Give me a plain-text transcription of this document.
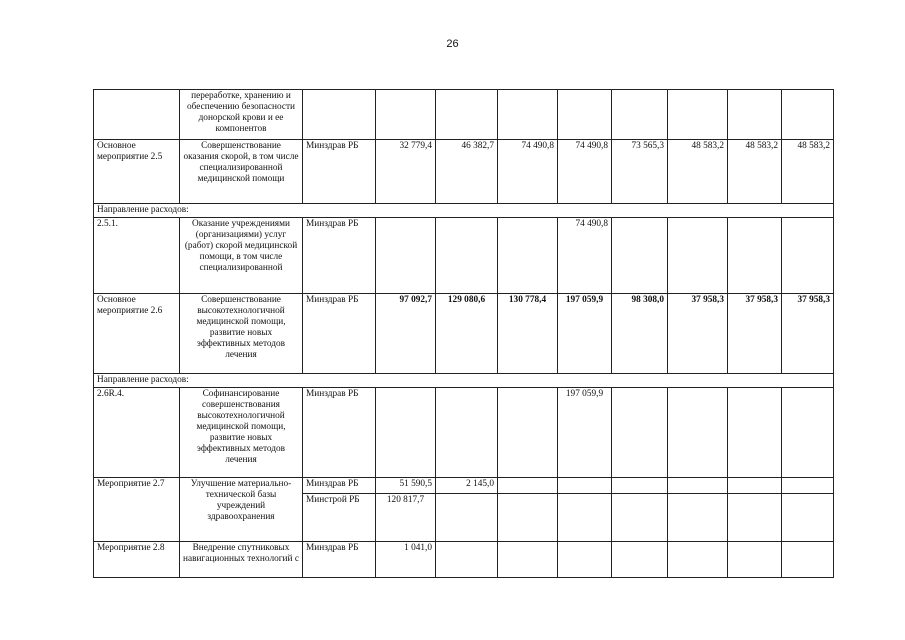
26
	переработке, хранению и обеспечению безопасности донорской крови и ее компонентов									
Основное мероприятие 2.5	Совершенствование оказания скорой, в том числе специализированной медицинской помощи	Минздрав РБ	32 779,4	46 382,7	74 490,8	74 490,8	73 565,3	48 583,2	48 583,2	48 583,2
Направление расходов:										
2.5.1.	Оказание учреждениями (организациями) услуг (работ) скорой медицинской помощи, в том числе специализированной	Минздрав РБ				74 490,8				
Основное мероприятие 2.6	Совершенствование высокотехнологичной медицинской помощи, развитие новых эффективных методов лечения	Минздрав РБ	97 092,7	129 080,6	130 778,4	197 059,9	98 308,0	37 958,3	37 958,3	37 958,3
Направление расходов:										
2.6R.4.	Софинансирование совершенствования высокотехнологичной медицинской помощи, развитие новых эффективных методов лечения	Минздрав РБ				197 059,9				
Мероприятие 2.7	Улучшение материально-технической базы учреждений здравоохранения	Минздрав РБ	51 590,5	2 145,0						
		Минстрой РБ	120 817,7							
Мероприятие 2.8	Внедрение спутниковых навигационных технологий с	Минздрав РБ	1 041,0							
